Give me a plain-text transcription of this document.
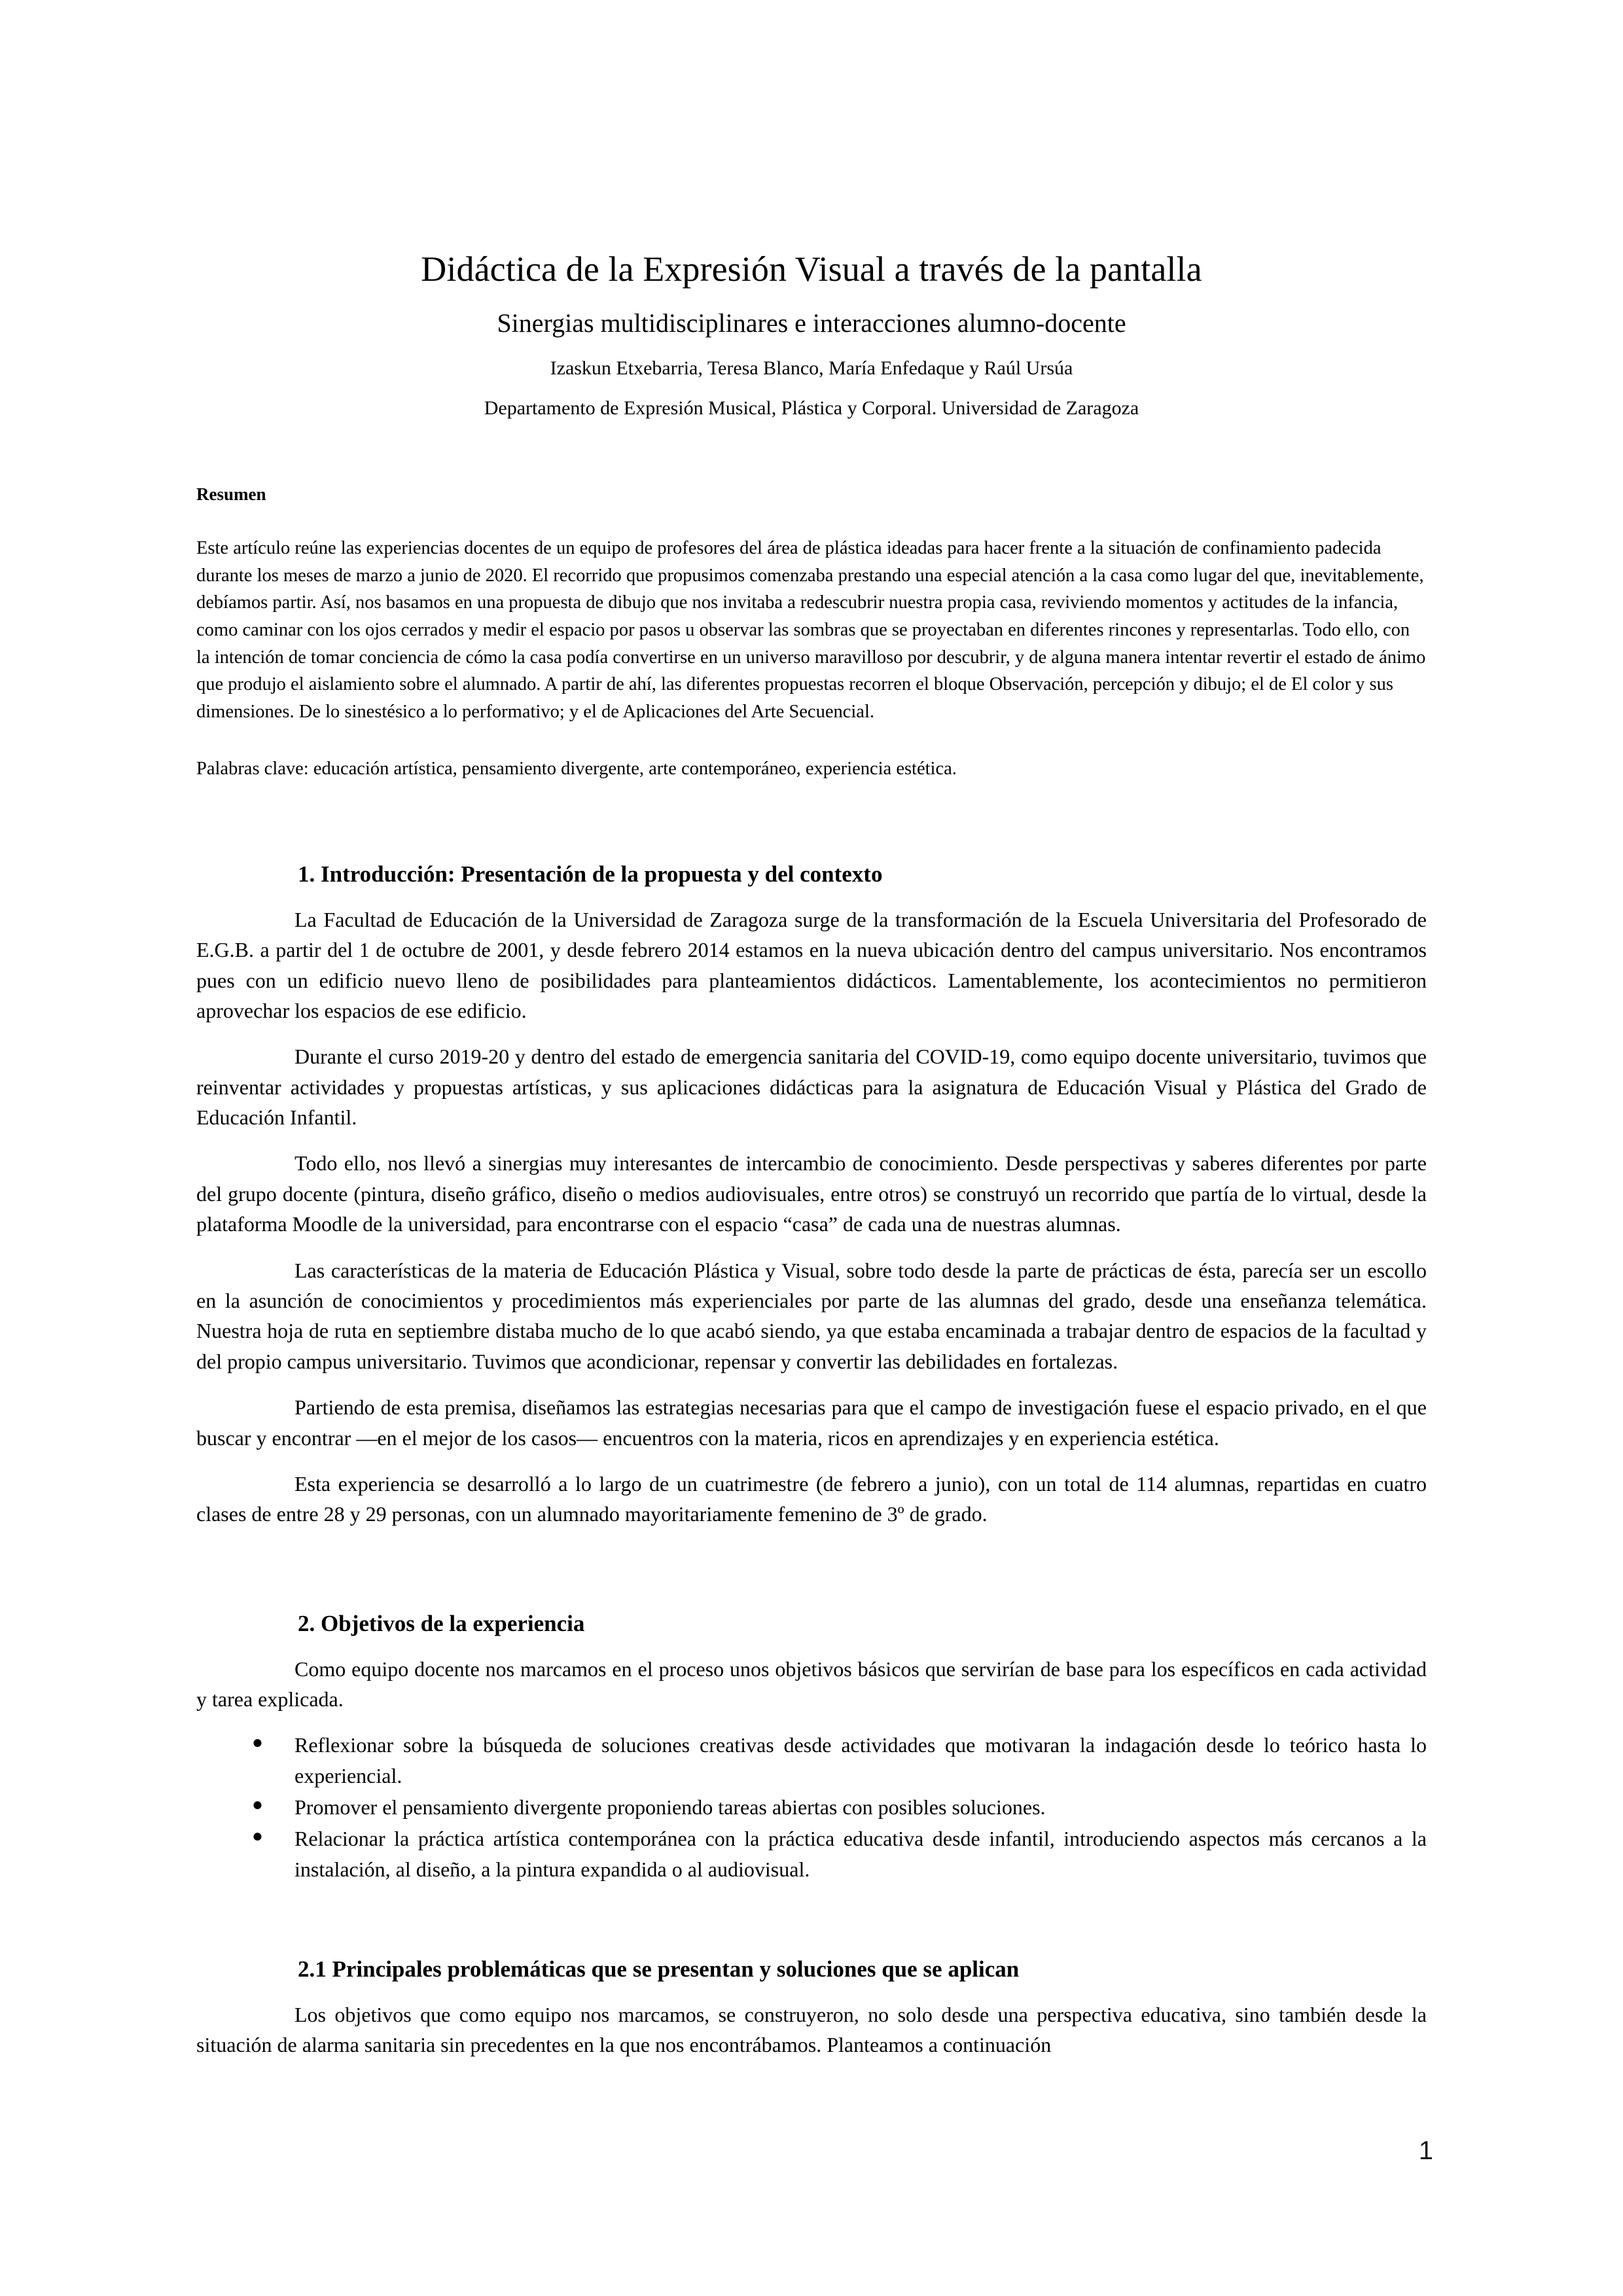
Didáctica de la Expresión Visual a través de la pantalla
Sinergias multidisciplinares e interacciones alumno-docente
Izaskun Etxebarria, Teresa Blanco, María Enfedaque y Raúl Ursúa
Departamento de Expresión Musical, Plástica y Corporal. Universidad de Zaragoza
Resumen

Este artículo reúne las experiencias docentes de un equipo de profesores del área de plástica ideadas para hacer frente a la situación de confinamiento padecida durante los meses de marzo a junio de 2020. El recorrido que propusimos comenzaba prestando una especial atención a la casa como lugar del que, inevitablemente, debíamos partir. Así, nos basamos en una propuesta de dibujo que nos invitaba a redescubrir nuestra propia casa, reviviendo momentos y actitudes de la infancia, como caminar con los ojos cerrados y medir el espacio por pasos u observar las sombras que se proyectaban en diferentes rincones y representarlas. Todo ello, con la intención de tomar conciencia de cómo la casa podía convertirse en un universo maravilloso por descubrir, y de alguna manera intentar revertir el estado de ánimo que produjo el aislamiento sobre el alumnado. A partir de ahí, las diferentes propuestas recorren el bloque Observación, percepción y dibujo; el de El color y sus dimensiones. De lo sinestésico a lo performativo; y el de Aplicaciones del Arte Secuencial.

Palabras clave: educación artística, pensamiento divergente, arte contemporáneo, experiencia estética.

1. Introducción: Presentación de la propuesta y del contexto

La Facultad de Educación de la Universidad de Zaragoza surge de la transformación de la Escuela Universitaria del Profesorado de E.G.B. a partir del 1 de octubre de 2001, y desde febrero 2014 estamos en la nueva ubicación dentro del campus universitario. Nos encontramos pues con un edificio nuevo lleno de posibilidades para planteamientos didácticos. Lamentablemente, los acontecimientos no permitieron aprovechar los espacios de ese edificio.

Durante el curso 2019-20 y dentro del estado de emergencia sanitaria del COVID-19, como equipo docente universitario, tuvimos que reinventar actividades y propuestas artísticas, y sus aplicaciones didácticas para la asignatura de Educación Visual y Plástica del Grado de Educación Infantil.

Todo ello, nos llevó a sinergias muy interesantes de intercambio de conocimiento. Desde perspectivas y saberes diferentes por parte del grupo docente (pintura, diseño gráfico, diseño o medios audiovisuales, entre otros) se construyó un recorrido que partía de lo virtual, desde la plataforma Moodle de la universidad, para encontrarse con el espacio “casa” de cada una de nuestras alumnas.

Las características de la materia de Educación Plástica y Visual, sobre todo desde la parte de prácticas de ésta, parecía ser un escollo en la asunción de conocimientos y procedimientos más experienciales por parte de las alumnas del grado, desde una enseñanza telemática. Nuestra hoja de ruta en septiembre distaba mucho de lo que acabó siendo, ya que estaba encaminada a trabajar dentro de espacios de la facultad y del propio campus universitario. Tuvimos que acondicionar, repensar y convertir las debilidades en fortalezas.

Partiendo de esta premisa, diseñamos las estrategias necesarias para que el campo de investigación fuese el espacio privado, en el que buscar y encontrar —en el mejor de los casos— encuentros con la materia, ricos en aprendizajes y en experiencia estética.

Esta experiencia se desarrolló a lo largo de un cuatrimestre (de febrero a junio), con un total de 114 alumnas, repartidas en cuatro clases de entre 28 y 29 personas, con un alumnado mayoritariamente femenino de 3º de grado.

2. Objetivos de la experiencia

Como equipo docente nos marcamos en el proceso unos objetivos básicos que servirían de base para los específicos en cada actividad y tarea explicada.

● Reflexionar sobre la búsqueda de soluciones creativas desde actividades que motivaran la indagación desde lo teórico hasta lo experiencial.
● Promover el pensamiento divergente proponiendo tareas abiertas con posibles soluciones.
● Relacionar la práctica artística contemporánea con la práctica educativa desde infantil, introduciendo aspectos más cercanos a la instalación, al diseño, a la pintura expandida o al audiovisual.
2.1 Principales problemáticas que se presentan y soluciones que se aplican

Los objetivos que como equipo nos marcamos, se construyeron, no solo desde una perspectiva educativa, sino también desde la situación de alarma sanitaria sin precedentes en la que nos encontrábamos. Planteamos a continuación

1
